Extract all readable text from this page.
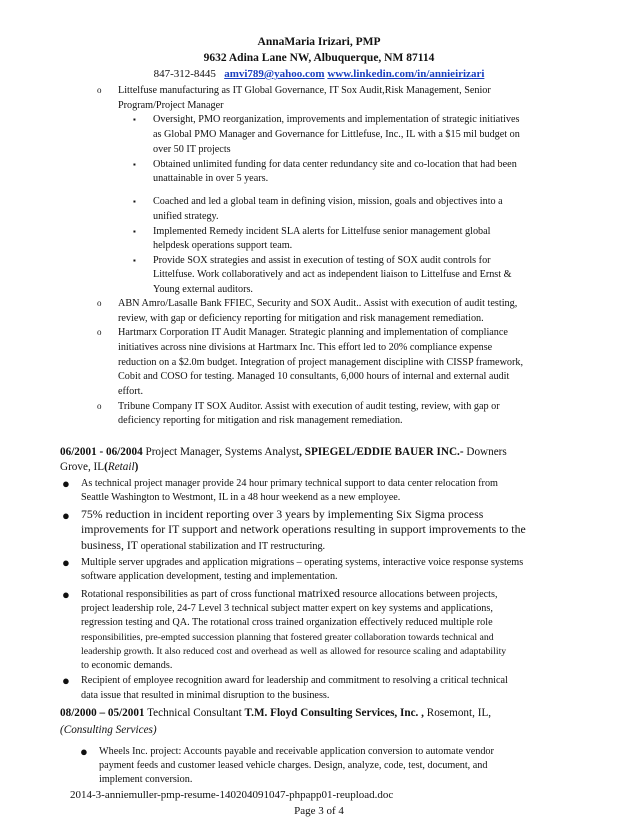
AnnaMaria Irizari, PMP
9632 Adina Lane NW, Albuquerque, NM 87114
847-312-8445 amvi789@yahoo.com www.linkedin.com/in/annieirizari
o Littelfuse manufacturing as IT Global Governance, IT Sox Audit,Risk Management, Senior
Program/Project Manager
▪ Oversight, PMO reorganization, improvements and implementation of strategic initiatives
as Global PMO Manager and Governance for Littlefuse, Inc., IL with a $15 mil budget on
over 50 IT projects
▪ Obtained unlimited funding for data center redundancy site and co-location that had been
unattainable in over 5 years.
▪ Coached and led a global team in defining vision, mission, goals and objectives into a
unified strategy.
▪ Implemented Remedy incident SLA alerts for Littelfuse senior management global
helpdesk operations support team.
▪ Provide SOX strategies and assist in execution of testing of SOX audit controls for
Littelfuse. Work collaboratively and act as independent liaison to Littelfuse and Ernst &
Young external auditors.
o ABN Amro/Lasalle Bank FFIEC, Security and SOX Audit.. Assist with execution of audit testing,
review, with gap or deficiency reporting for mitigation and risk management remediation.
o Hartmarx Corporation IT Audit Manager. Strategic planning and implementation of compliance
initiatives across nine divisions at Hartmarx Inc. This effort led to 20% compliance expense
reduction on a $2.0m budget. Integration of project management discipline with CISSP framework,
Cobit and COSO for testing. Managed 10 consultants, 6,000 hours of internal and external audit
effort.
o Tribune Company IT SOX Auditor. Assist with execution of audit testing, review, with gap or
deficiency reporting for mitigation and risk management remediation.
06/2001 - 06/2004 Project Manager, Systems Analyst, SPIEGEL/EDDIE BAUER INC.- Downers
Grove, IL(Retail)
● As technical project manager provide 24 hour primary technical support to data center relocation from
Seattle Washington to Westmont, IL in a 48 hour weekend as a new employee.
● 75% reduction in incident reporting over 3 years by implementing Six Sigma process
improvements for IT support and network operations resulting in support improvements to the
business, IT operational stabilization and IT restructuring.
● Multiple server upgrades and application migrations – operating systems, interactive voice response systems
software application development, testing and implementation.
● Rotational responsibilities as part of cross functional matrixed resource allocations between projects,
project leadership role, 24-7 Level 3 technical subject matter expert on key systems and applications,
regression testing and QA. The rotational cross trained organization effectively reduced multiple role
responsibilities, pre-empted succession planning that fostered greater collaboration towards technical and
leadership growth. It also reduced cost and overhead as well as allowed for resource scaling and adaptability
to economic demands.
● Recipient of employee recognition award for leadership and commitment to resolving a critical technical
data issue that resulted in minimal disruption to the business.
08/2000 – 05/2001 Technical Consultant T.M. Floyd Consulting Services, Inc. , Rosemont, IL,
(Consulting Services)
● Wheels Inc. project: Accounts payable and receivable application conversion to automate vendor
payment feeds and customer leased vehicle charges. Design, analyze, code, test, document, and
implement conversion.
2014-3-anniemuller-pmp-resume-140204091047-phpapp01-reupload.doc
Page 3 of 4
